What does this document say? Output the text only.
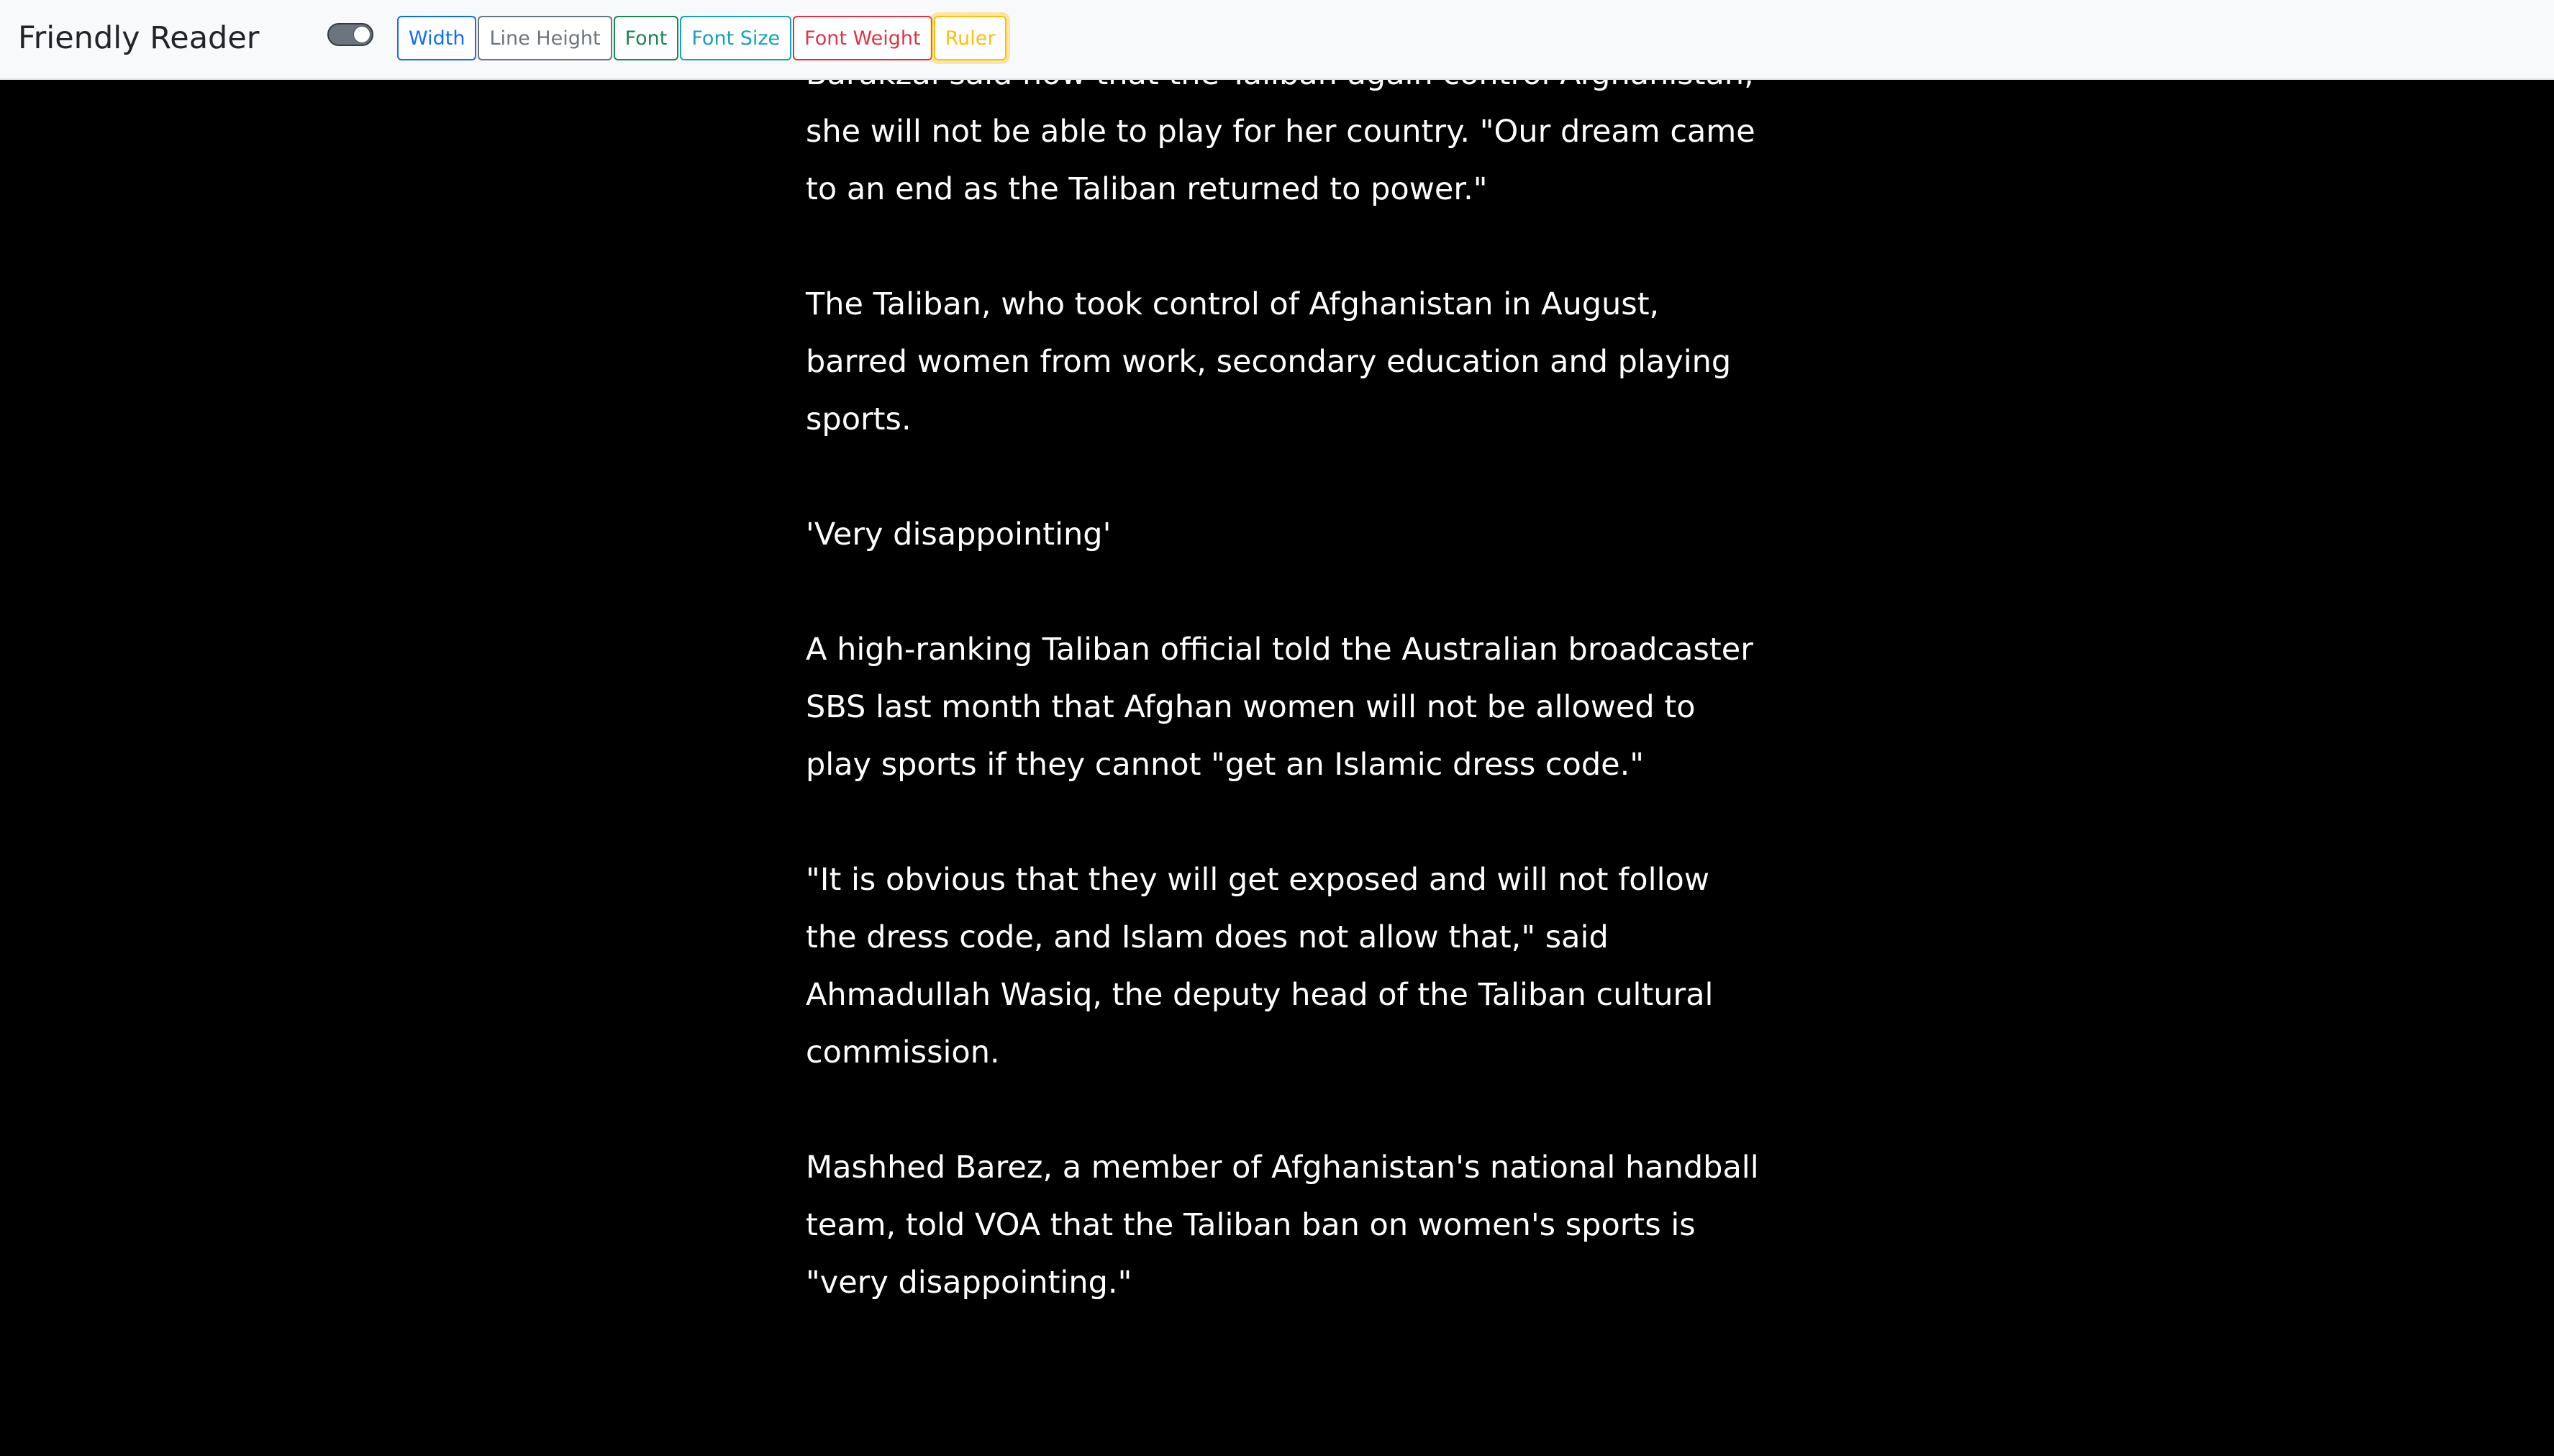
she will not be able to play for her country. "Our dream came to an end as the Taliban returned to power."

The Taliban, who took control of Afghanistan in August, barred women from work, secondary education and playing sports.

'Very disappointing'

A high-ranking Taliban official told the Australian broadcaster SBS last month that Afghan women will not be allowed to play sports if they cannot "get an Islamic dress code."

"It is obvious that they will get exposed and will not follow the dress code, and Islam does not allow that," said Ahmadullah Wasiq, the deputy head of the Taliban cultural commission.

Mashhed Barez, a member of Afghanistan's national handball team, told VOA that the Taliban ban on women's sports is "very disappointing."

Friendly Reader	Width	Line Height	Font	Font Size	Font Weight	Ruler
